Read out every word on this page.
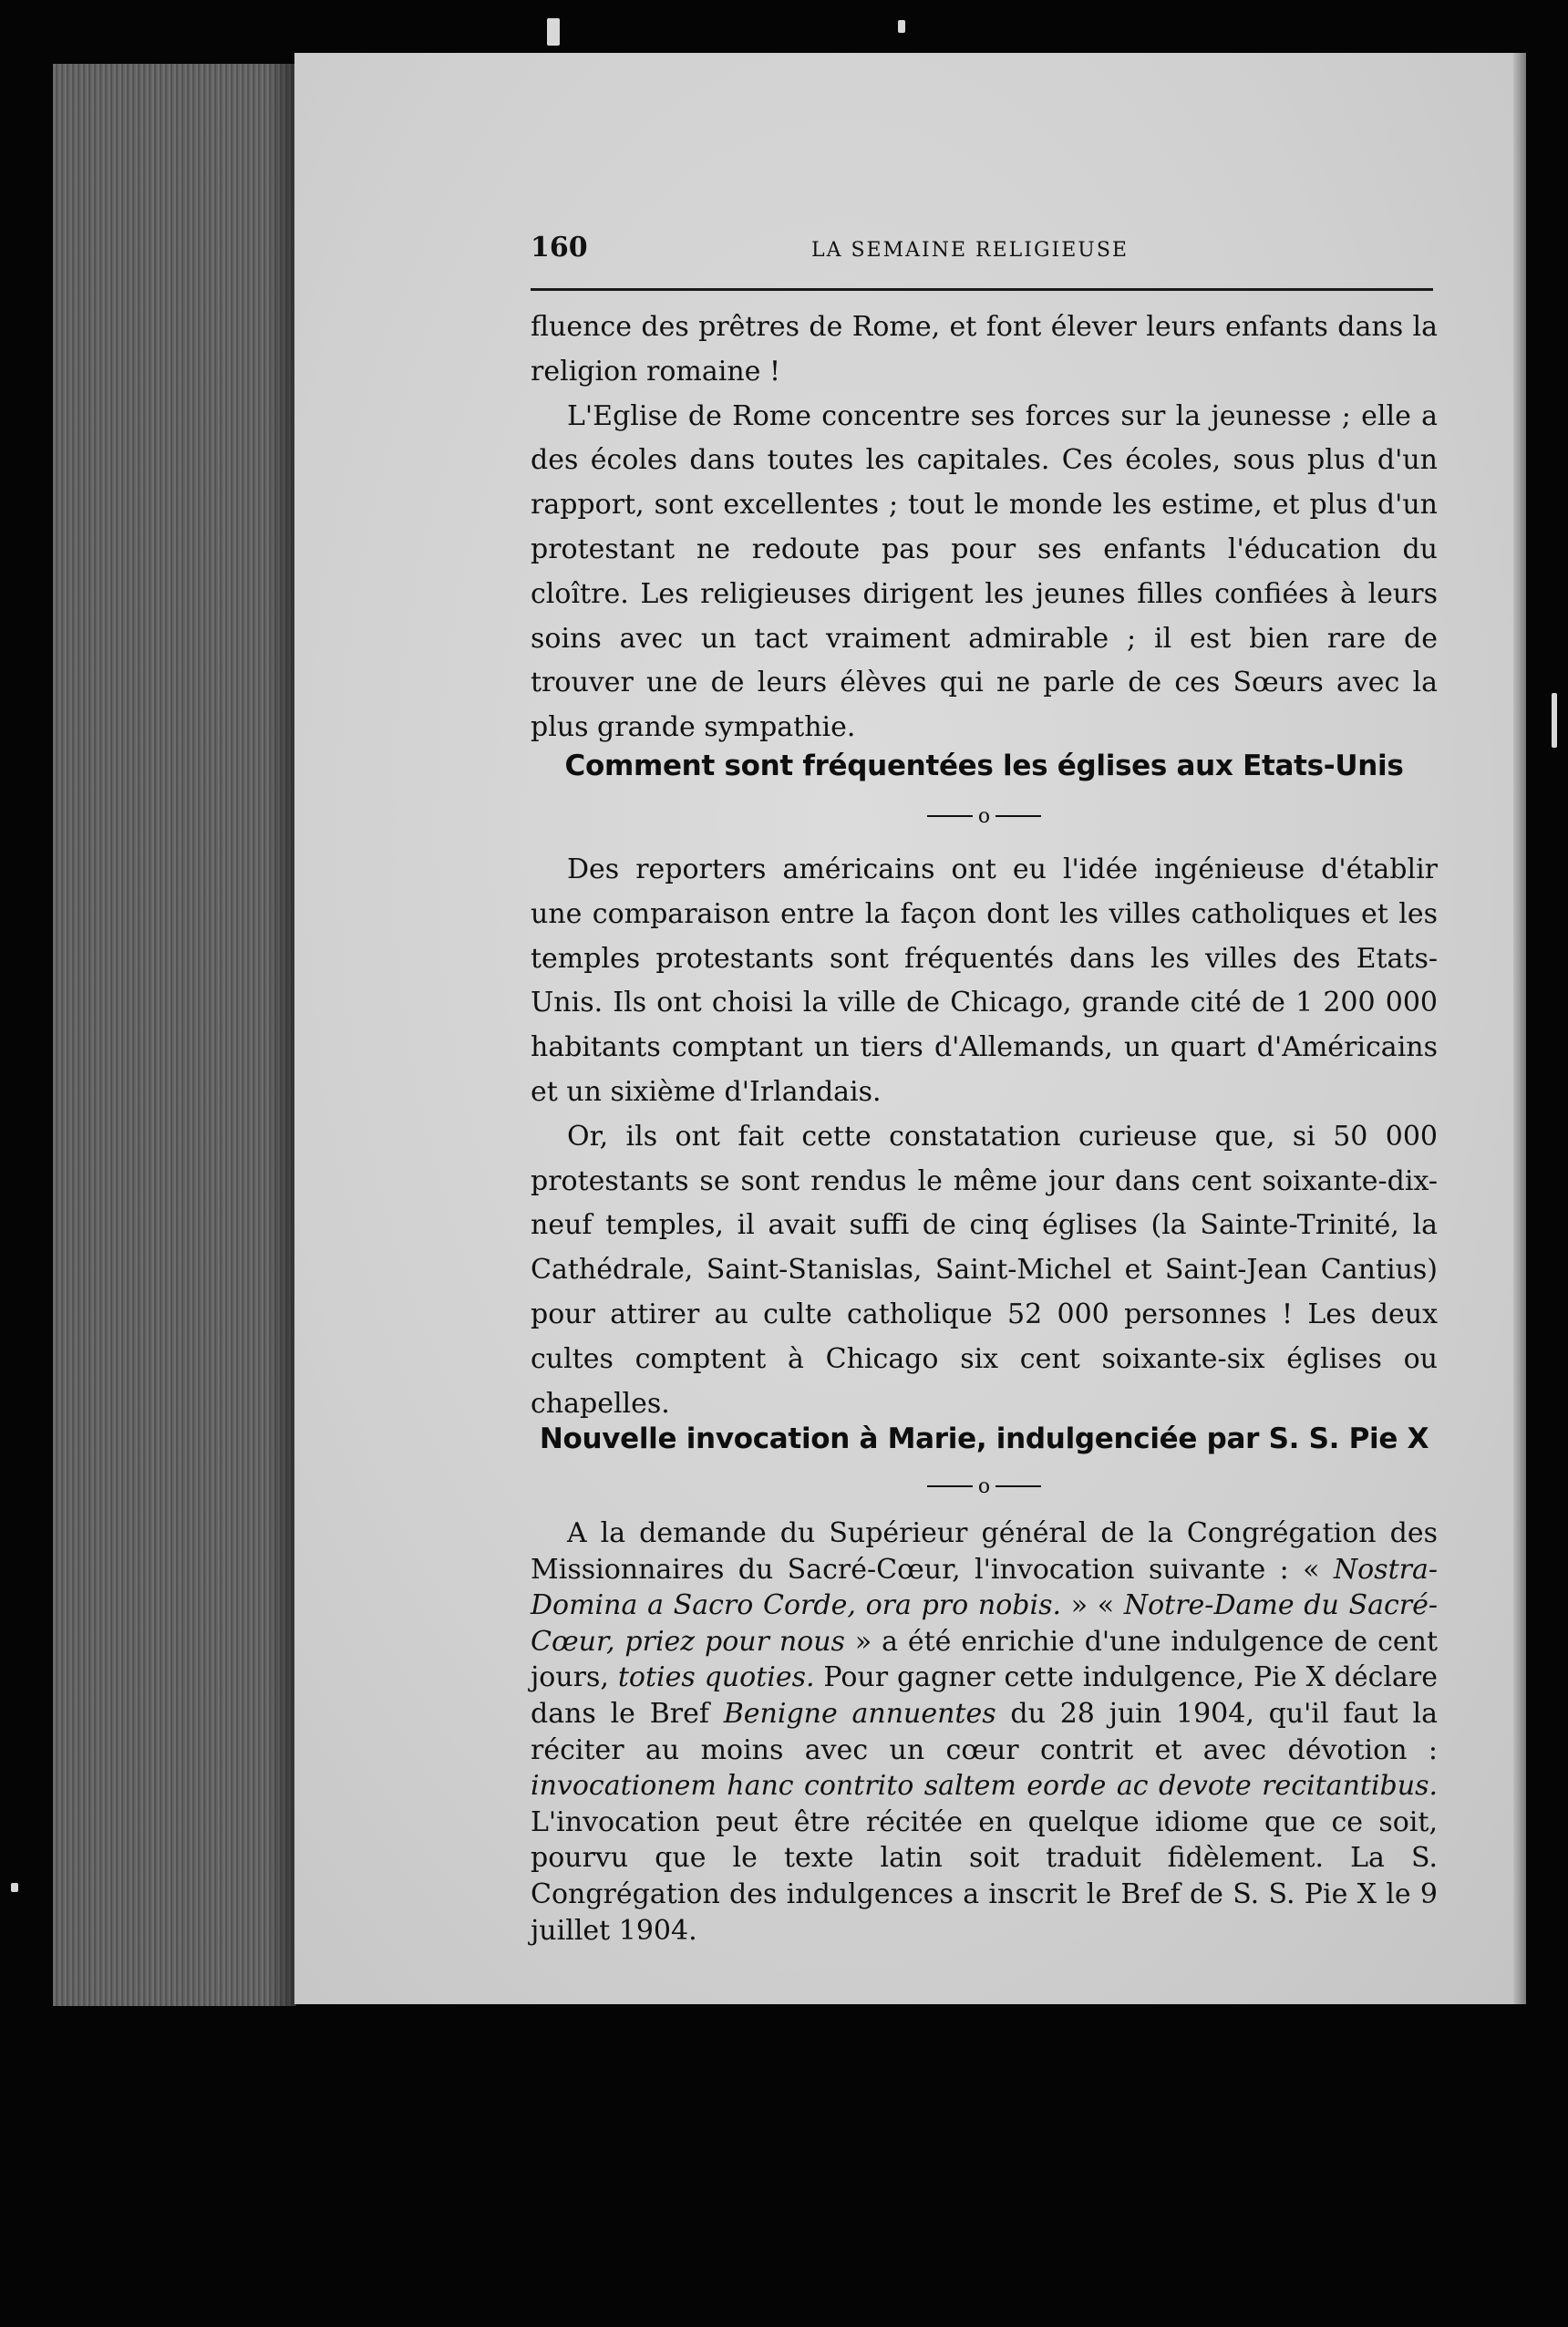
160	LA SEMAINE RELIGIEUSE

fluence des prêtres de Rome, et font élever leurs enfants dans la religion romaine !

L'Eglise de Rome concentre ses forces sur la jeunesse ; elle a des écoles dans toutes les capitales. Ces écoles, sous plus d'un rapport, sont excellentes ; tout le monde les estime, et plus d'un protestant ne redoute pas pour ses enfants l'éducation du cloître. Les religieuses dirigent les jeunes filles confiées à leurs soins avec un tact vraiment admirable ; il est bien rare de trouver une de leurs élèves qui ne parle de ces Sœurs avec la plus grande sympathie.

Comment sont fréquentées les églises aux Etats-Unis
o

Des reporters américains ont eu l'idée ingénieuse d'établir une comparaison entre la façon dont les villes catholiques et les temples protestants sont fréquentés dans les villes des Etats-Unis. Ils ont choisi la ville de Chicago, grande cité de 1 200 000 habitants comptant un tiers d'Allemands, un quart d'Américains et un sixième d'Irlandais.

Or, ils ont fait cette constatation curieuse que, si 50 000 protestants se sont rendus le même jour dans cent soixante-dix-neuf temples, il avait suffi de cinq églises (la Sainte-Trinité, la Cathédrale, Saint-Stanislas, Saint-Michel et Saint-Jean Cantius) pour attirer au culte catholique 52 000 personnes ! Les deux cultes comptent à Chicago six cent soixante-six églises ou chapelles.

Nouvelle invocation à Marie, indulgenciée par S. S. Pie X
o

A la demande du Supérieur général de la Congrégation des Missionnaires du Sacré-Cœur, l'invocation suivante : « Nostra-Domina a Sacro Corde, ora pro nobis. » « Notre-Dame du Sacré-Cœur, priez pour nous » a été enrichie d'une indulgence de cent jours, toties quoties. Pour gagner cette indulgence, Pie X déclare dans le Bref Benigne annuentes du 28 juin 1904, qu'il faut la réciter au moins avec un cœur contrit et avec dévotion : invocationem hanc contrito saltem eorde ac devote recitantibus. L'invocation peut être récitée en quelque idiome que ce soit, pourvu que le texte latin soit traduit fidèlement. La S. Congrégation des indulgences a inscrit le Bref de S. S. Pie X le 9 juillet 1904.
